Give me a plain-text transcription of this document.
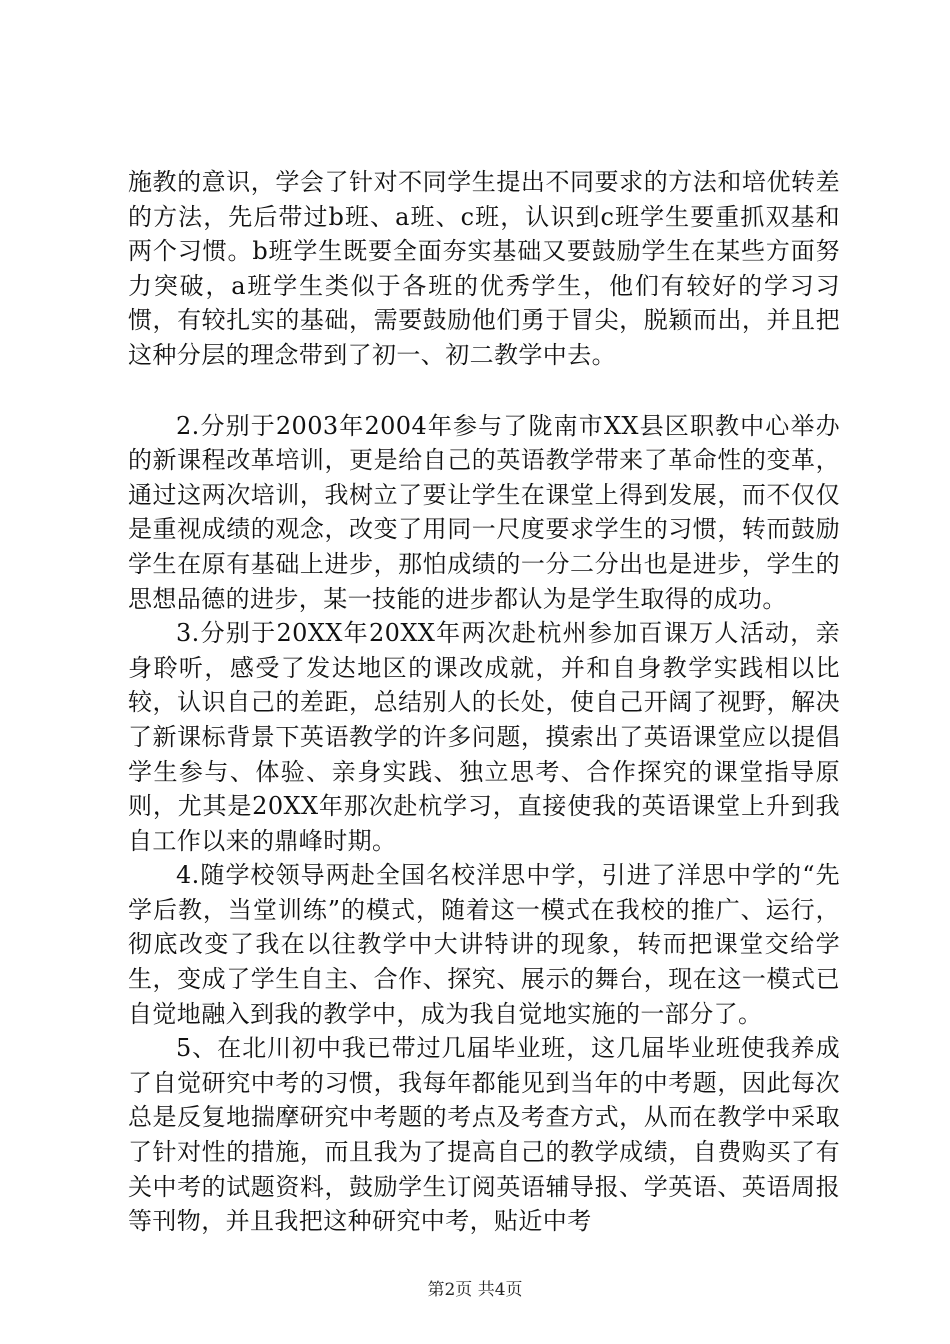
施教的意识，学会了针对不同学生提出不同要求的方法和培优转差的方法，先后带过b班、a班、c班，认识到c班学生要重抓双基和两个习惯。b班学生既要全面夯实基础又要鼓励学生在某些方面努力突破，a班学生类似于各班的优秀学生，他们有较好的学习习惯，有较扎实的基础，需要鼓励他们勇于冒尖，脱颖而出，并且把这种分层的理念带到了初一、初二教学中去。

2.分别于2003年2004年参与了陇南市XX县区职教中心举办的新课程改革培训，更是给自己的英语教学带来了革命性的变革，通过这两次培训，我树立了要让学生在课堂上得到发展，而不仅仅是重视成绩的观念，改变了用同一尺度要求学生的习惯，转而鼓励学生在原有基础上进步，那怕成绩的一分二分出也是进步，学生的思想品德的进步，某一技能的进步都认为是学生取得的成功。

3.分别于20XX年20XX年两次赴杭州参加百课万人活动，亲身聆听，感受了发达地区的课改成就，并和自身教学实践相以比较，认识自己的差距，总结别人的长处，使自己开阔了视野，解决了新课标背景下英语教学的许多问题，摸索出了英语课堂应以提倡学生参与、体验、亲身实践、独立思考、合作探究的课堂指导原则，尤其是20XX年那次赴杭学习，直接使我的英语课堂上升到我自工作以来的鼎峰时期。

4.随学校领导两赴全国名校洋思中学，引进了洋思中学的“先学后教，当堂训练”的模式，随着这一模式在我校的推广、运行，彻底改变了我在以往教学中大讲特讲的现象，转而把课堂交给学生，变成了学生自主、合作、探究、展示的舞台，现在这一模式已自觉地融入到我的教学中，成为我自觉地实施的一部分了。

5、在北川初中我已带过几届毕业班，这几届毕业班使我养成了自觉研究中考的习惯，我每年都能见到当年的中考题，因此每次总是反复地揣摩研究中考题的考点及考查方式，从而在教学中采取了针对性的措施，而且我为了提高自己的教学成绩，自费购买了有关中考的试题资料，鼓励学生订阅英语辅导报、学英语、英语周报等刊物，并且我把这种研究中考，贴近中考

第2页 共4页
